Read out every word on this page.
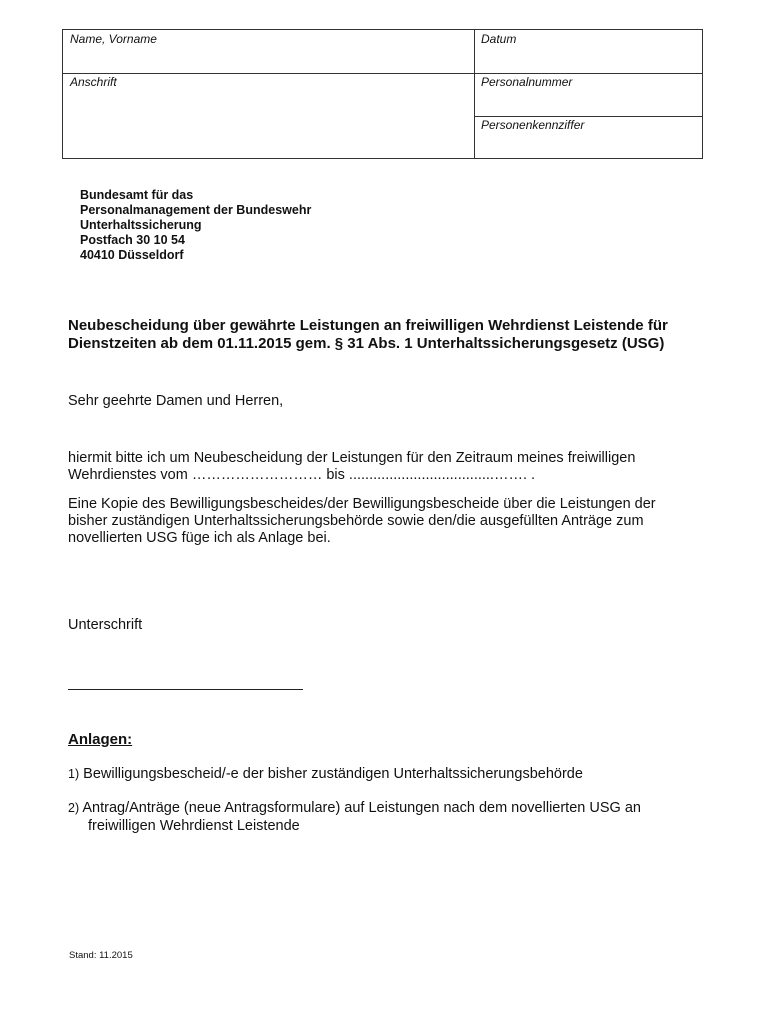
Name, Vorname	Datum
Anschrift	Personalnummer
Personenkennziffer
Bundesamt für das
Personalmanagement der Bundeswehr
Unterhaltssicherung
Postfach 30 10 54
40410 Düsseldorf
Neubescheidung über gewährte Leistungen an freiwilligen Wehrdienst Leistende für
Dienstzeiten ab dem 01.11.2015 gem. § 31 Abs. 1 Unterhaltssicherungsgesetz (USG)
Sehr geehrte Damen und Herren,
hiermit bitte ich um Neubescheidung der Leistungen für den Zeitraum meines freiwilligen
Wehrdienstes vom ……………………… bis ....................................……. .
Eine Kopie des Bewilligungsbescheides/der Bewilligungsbescheide über die Leistungen der
bisher zuständigen Unterhaltssicherungsbehörde sowie den/die ausgefüllten Anträge zum
novellierten USG füge ich als Anlage bei.
Unterschrift
Anlagen:
1) Bewilligungsbescheid/-e der bisher zuständigen Unterhaltssicherungsbehörde
2) Antrag/Anträge (neue Antragsformulare) auf Leistungen nach dem novellierten USG an
freiwilligen Wehrdienst Leistende
Stand: 11.2015
